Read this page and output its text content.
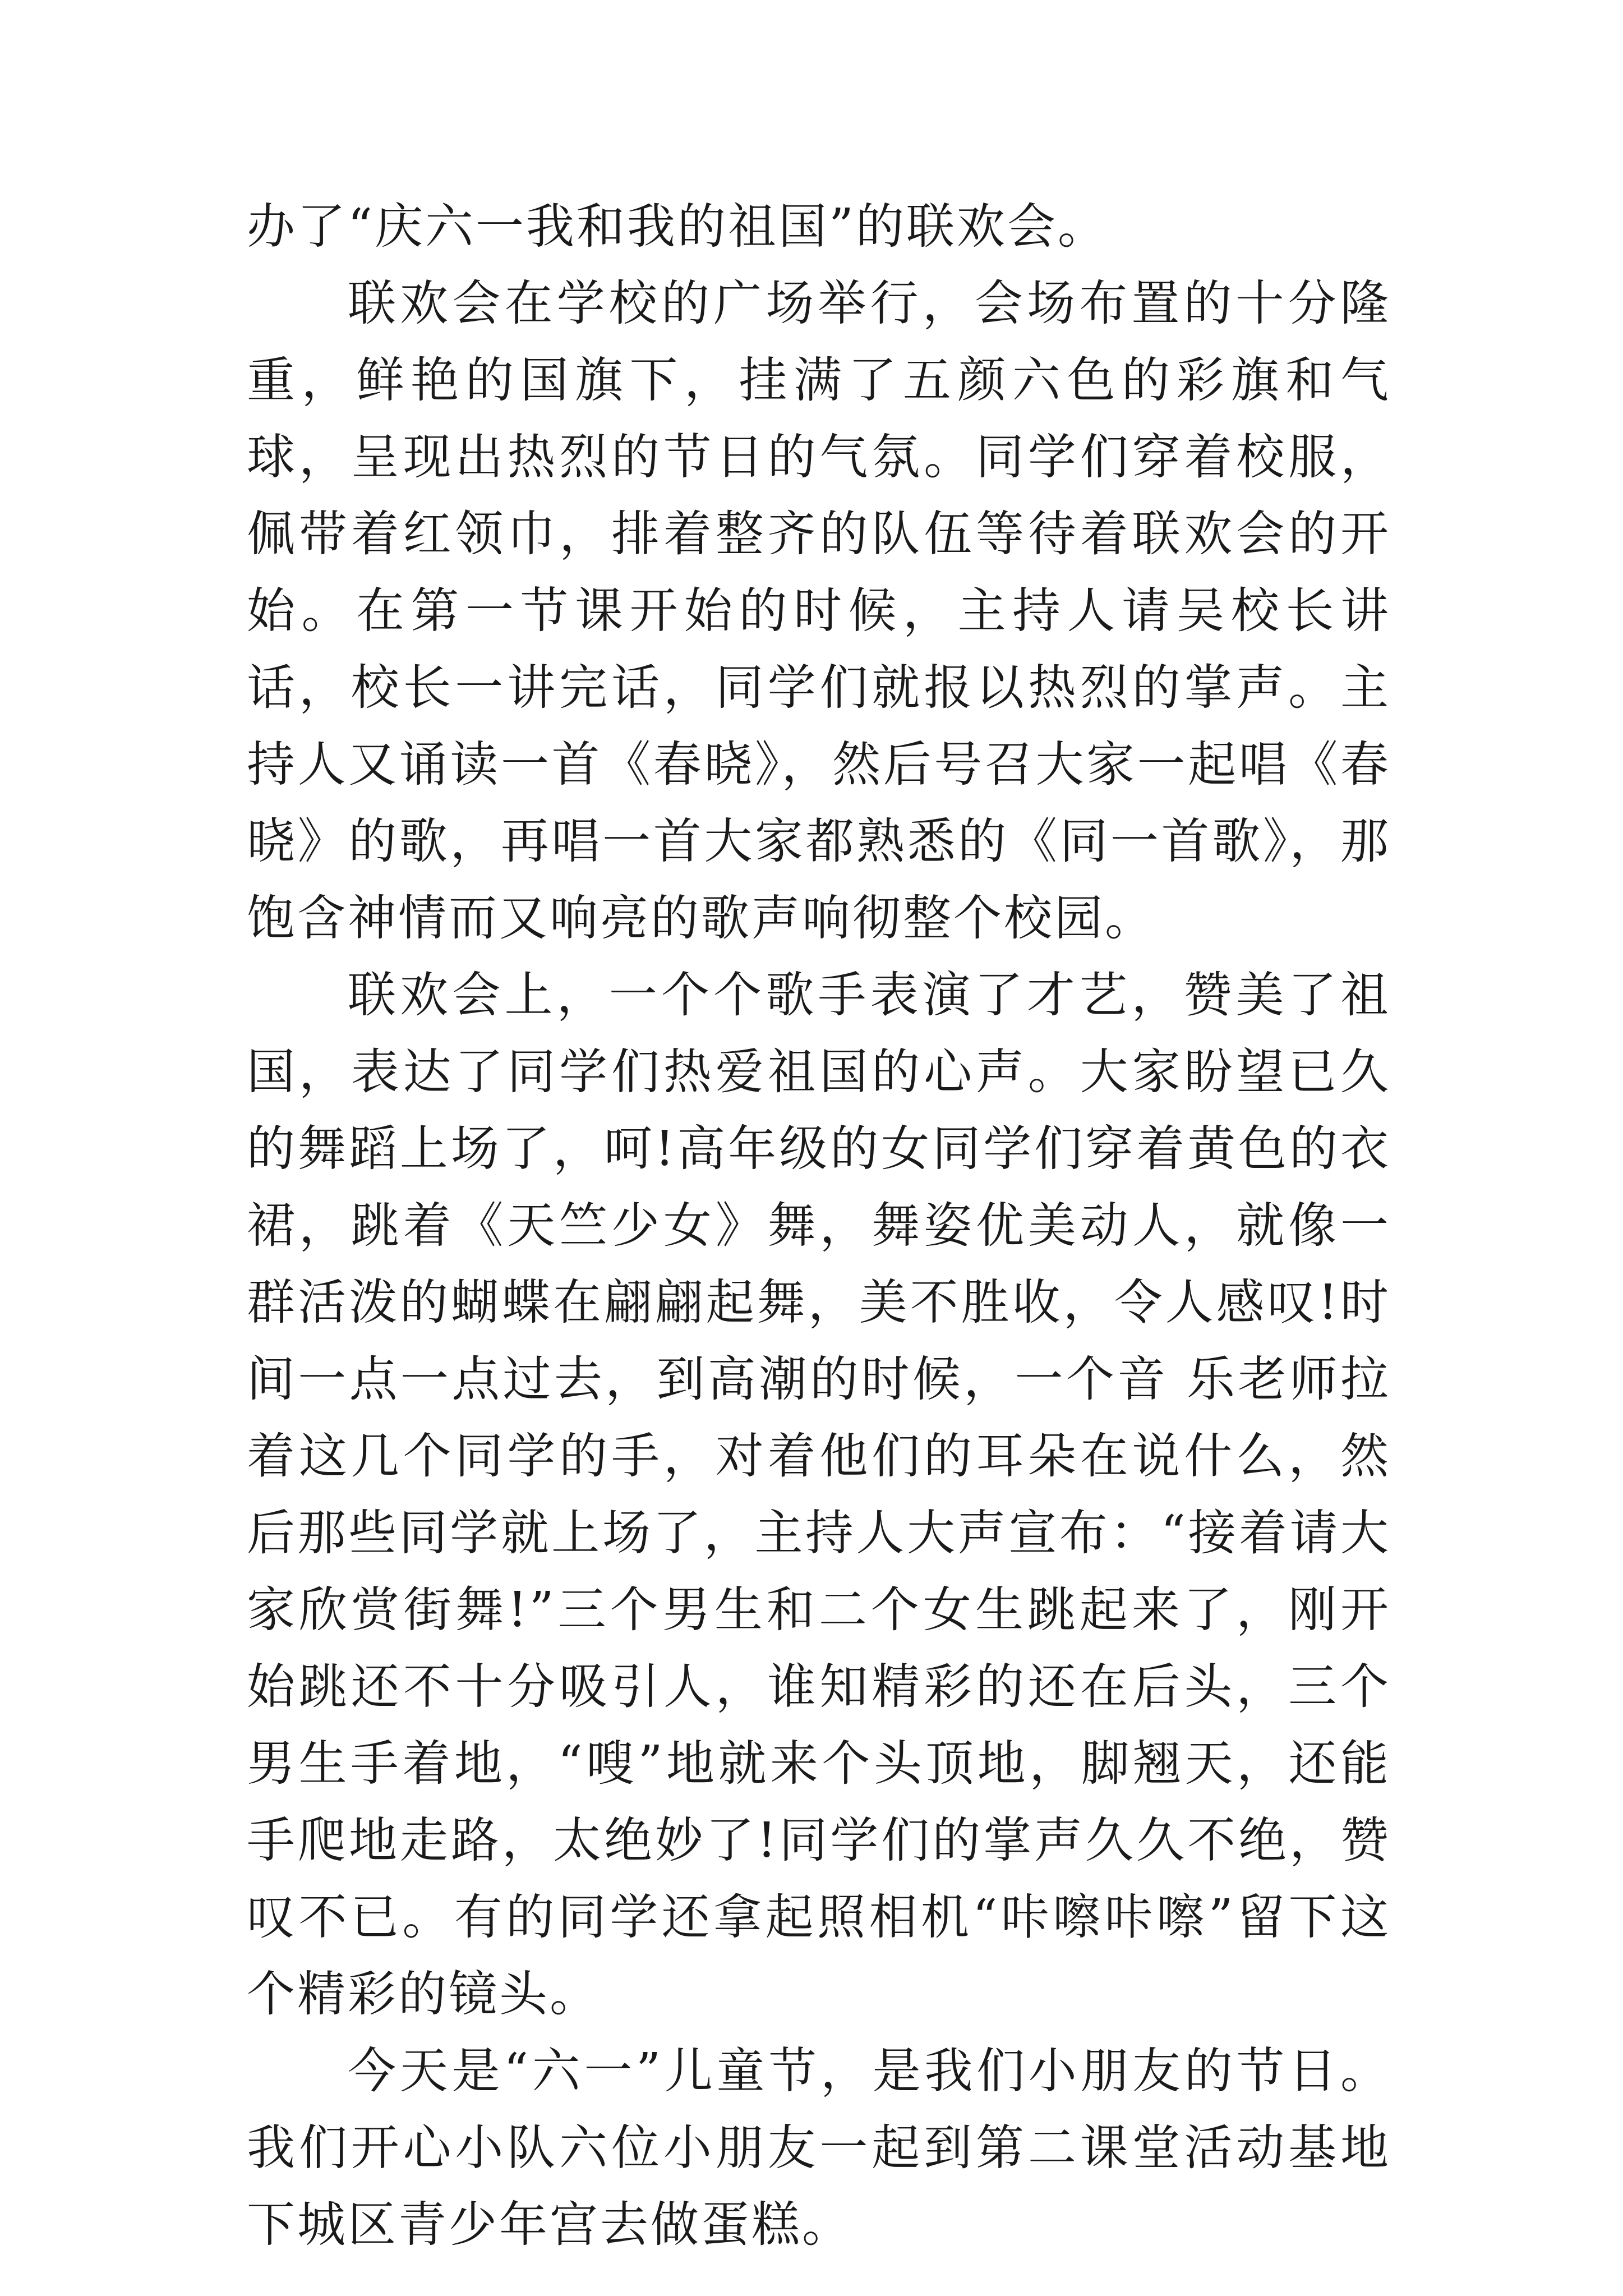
办了“庆六一我和我的祖国”的联欢会。

联欢会在学校的广场举行，会场布置的十分隆重，鲜艳的国旗下，挂满了五颜六色的彩旗和气球，呈现出热烈的节日的气氛。同学们穿着校服，佩带着红领巾，排着整齐的队伍等待着联欢会的开始。在第一节课开始的时候，主持人请吴校长讲话，校长一讲完话，同学们就报以热烈的掌声。主持人又诵读一首《春晓》，然后号召大家一起唱《春晓》的歌，再唱一首大家都熟悉的《同一首歌》，那饱含神情而又响亮的歌声响彻整个校园。

联欢会上，一个个歌手表演了才艺，赞美了祖国，表达了同学们热爱祖国的心声。大家盼望已久的舞蹈上场了，呵!高年级的女同学们穿着黄色的衣裙，跳着《天竺少女》舞，舞姿优美动人，就像一群活泼的蝴蝶在翩翩起舞，美不胜收，令人感叹!时间一点一点过去，到高潮的时候，一个音 乐老师拉着这几个同学的手，对着他们的耳朵在说什么，然后那些同学就上场了，主持人大声宣布：“接着请大家欣赏街舞!”三个男生和二个女生跳起来了，刚开始跳还不十分吸引人，谁知精彩的还在后头，三个男生手着地，“嗖”地就来个头顶地，脚翘天，还能手爬地走路，太绝妙了!同学们的掌声久久不绝，赞叹不已。有的同学还拿起照相机“咔嚓咔嚓”留下这个精彩的镜头。

今天是“六一”儿童节，是我们小朋友的节日。我们开心小队六位小朋友一起到第二课堂活动基地下城区青少年宫去做蛋糕。
